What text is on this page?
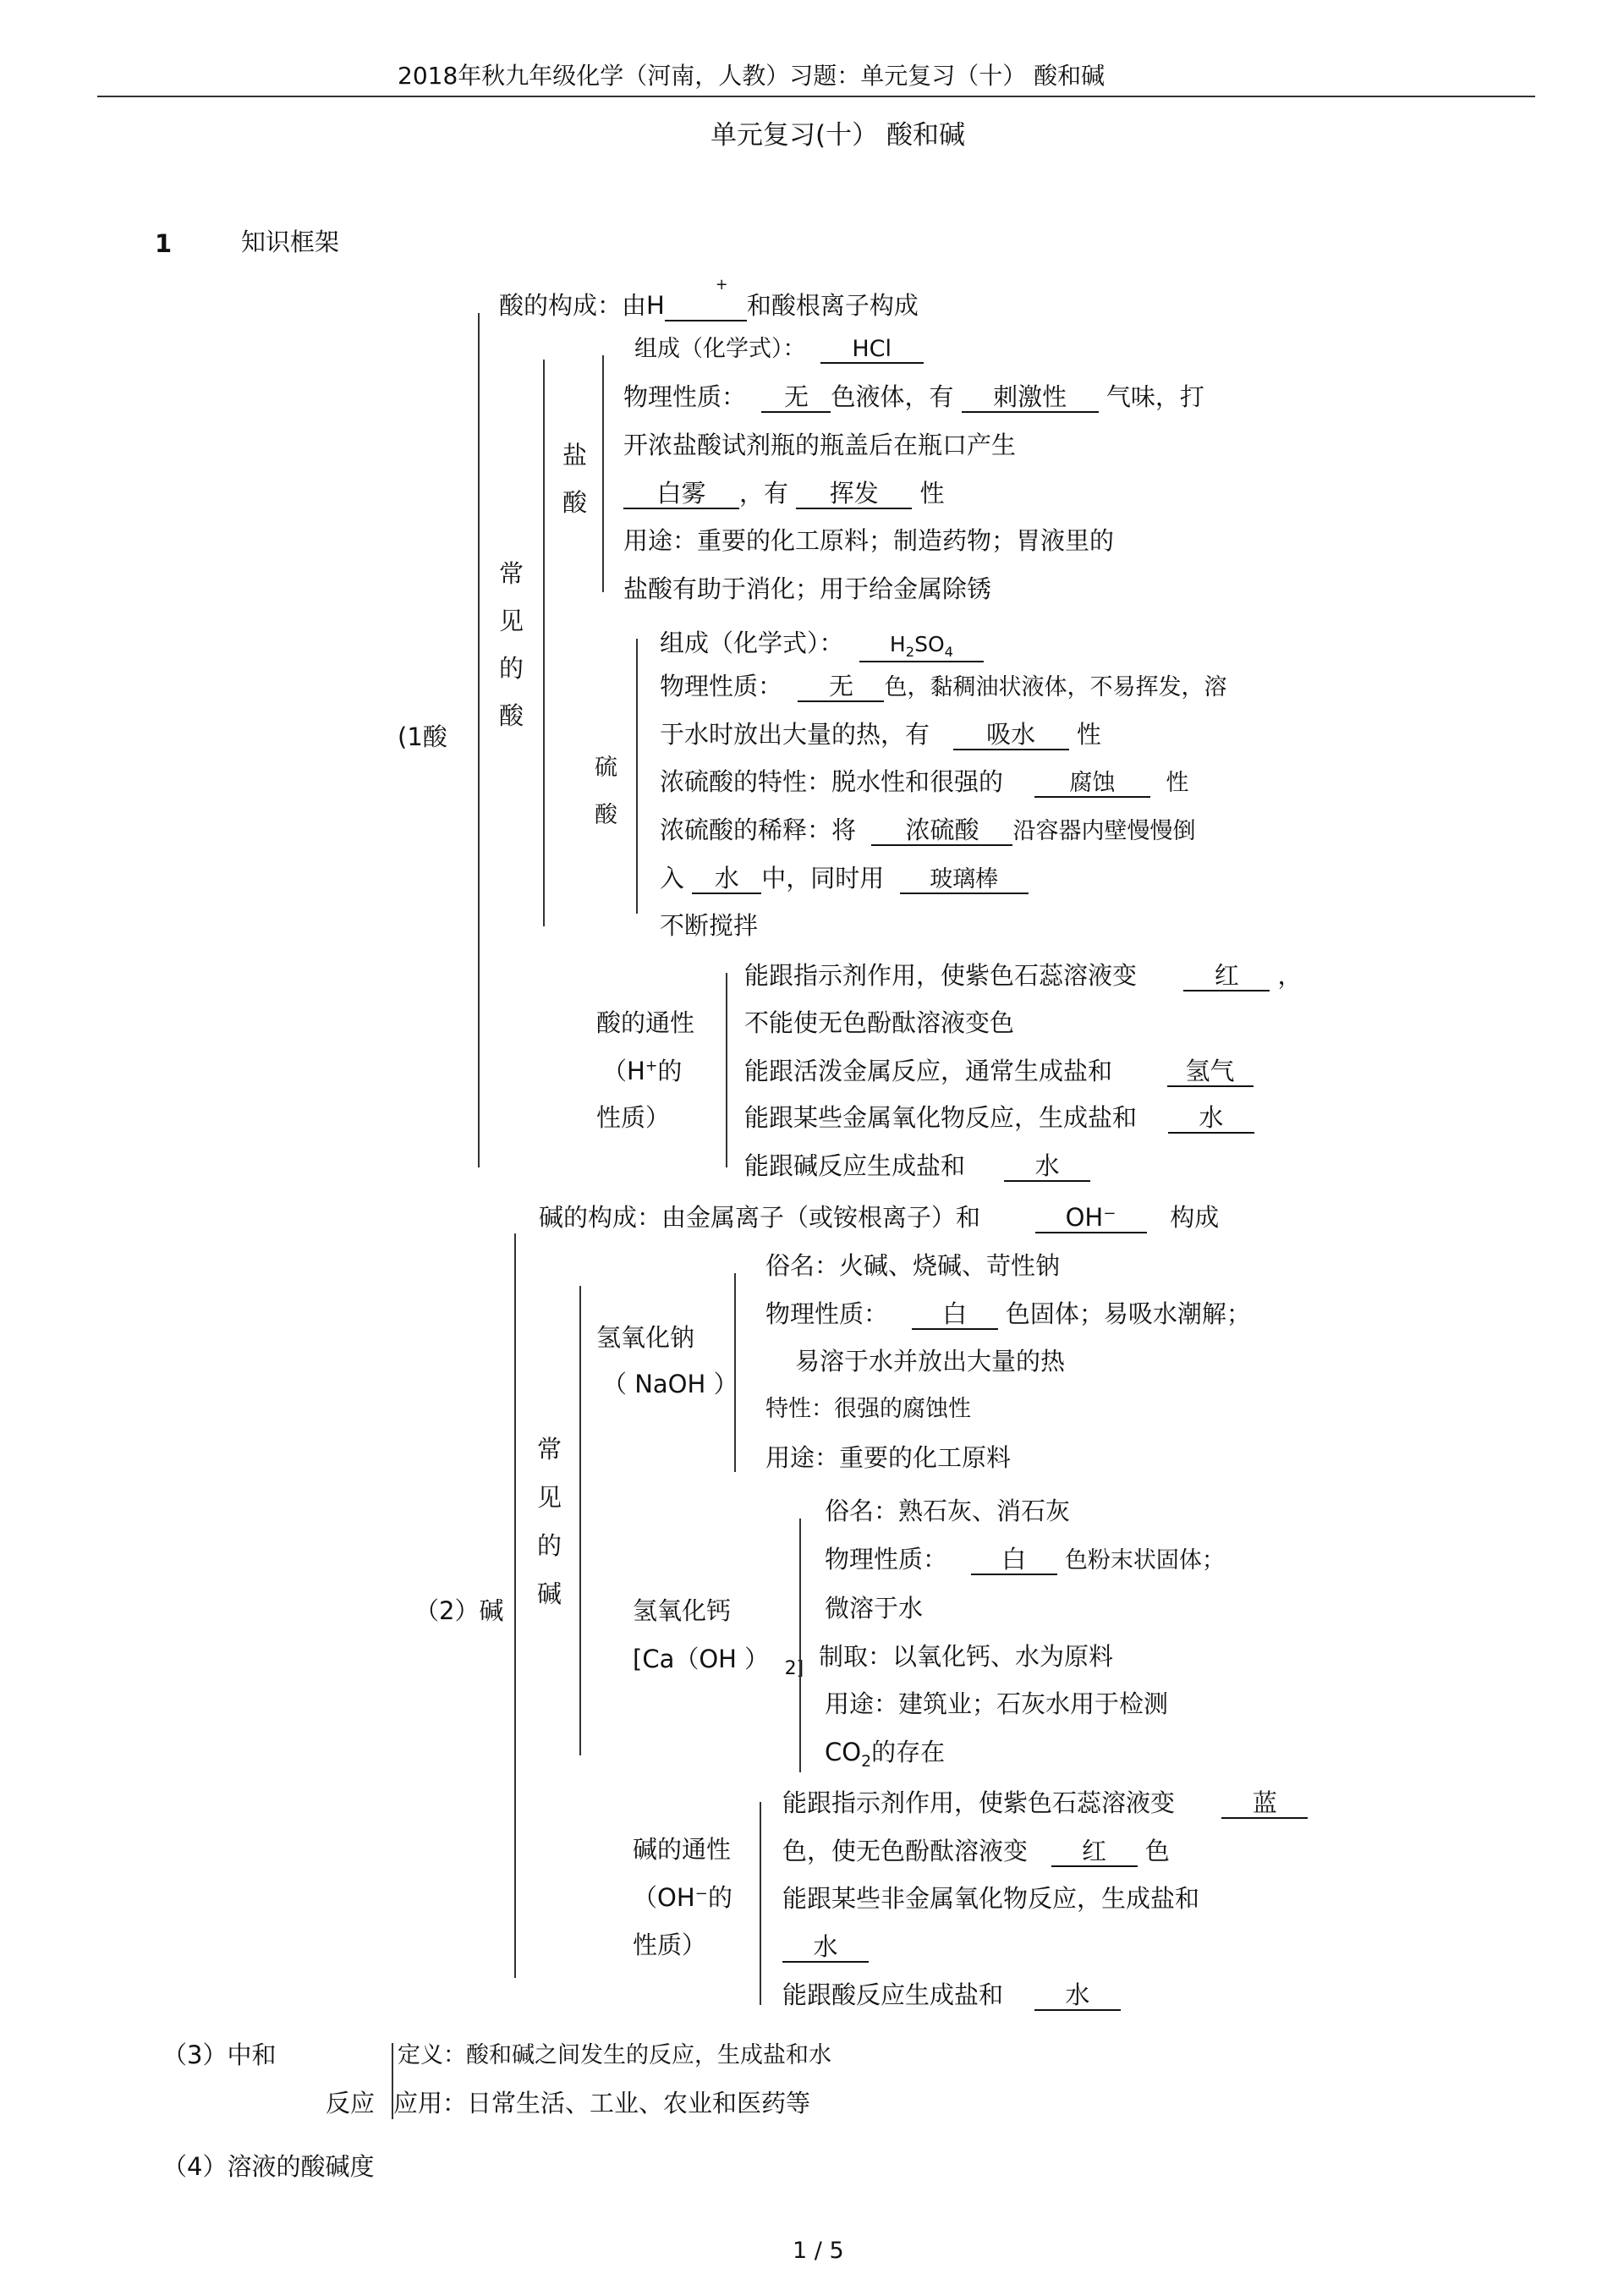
2018年秋九年级化学（河南，人教）习题：单元复习（十） 酸和碱
单元复习(十） 酸和碱
1	知识框架
(1酸
酸的构成：由H
+
和酸根离子构成
常
见
的
酸
盐
酸
组成（化学式）： HCl
物理性质： 无 色液体，有 刺激性 气味，打
开浓盐酸试剂瓶的瓶盖后在瓶口产生
白雾 ，有 挥发 性
用途：重要的化工原料；制造药物；胃液里的
盐酸有助于消化；用于给金属除锈
硫
酸
组成（化学式）： $H_2SO_4$
物理性质： 无 色，黏稠油状液体，不易挥发，溶
于水时放出大量的热，有 吸水 性
浓硫酸的特性：脱水性和很强的	腐蚀 性
浓硫酸的稀释：将 浓硫酸 沿容器内壁慢慢倒
入 水 中，同时用 玻璃棒
不断搅拌
酸的通性
（H+的
性质）
能跟指示剂作用，使紫色石蕊溶液变	红 ，
不能使无色酚酞溶液变色
能跟活泼金属反应，通常生成盐和	氢气
能跟某些金属氧化物反应，生成盐和	水
能跟碱反应生成盐和	水
（2）碱
碱的构成：由金属离子（或铵根离子）和	OH⁻ 构成
常
见
的
碱
氢氧化钠
（ NaOH ）
俗名：火碱、烧碱、苛性钠
物理性质： 白 色固体；易吸水潮解；
易溶于水并放出大量的热
特性：很强的腐蚀性
用途：重要的化工原料
氢氧化钙
[Ca（OH ） $_{2]}$
俗名：熟石灰、消石灰
物理性质： 白 色粉末状固体；
微溶于水
制取：以氧化钙、水为原料
用途：建筑业；石灰水用于检测
$CO_2$的存在
碱的通性
（OH⁻的
性质）
能跟指示剂作用，使紫色石蕊溶液变	蓝
色，使无色酚酞溶液变 红 色
能跟某些非金属氧化物反应，生成盐和
水
能跟酸反应生成盐和	水
（3）中和
反应
定义：酸和碱之间发生的反应，生成盐和水
应用：日常生活、工业、农业和医药等
（4）溶液的酸碱度
1 / 5
